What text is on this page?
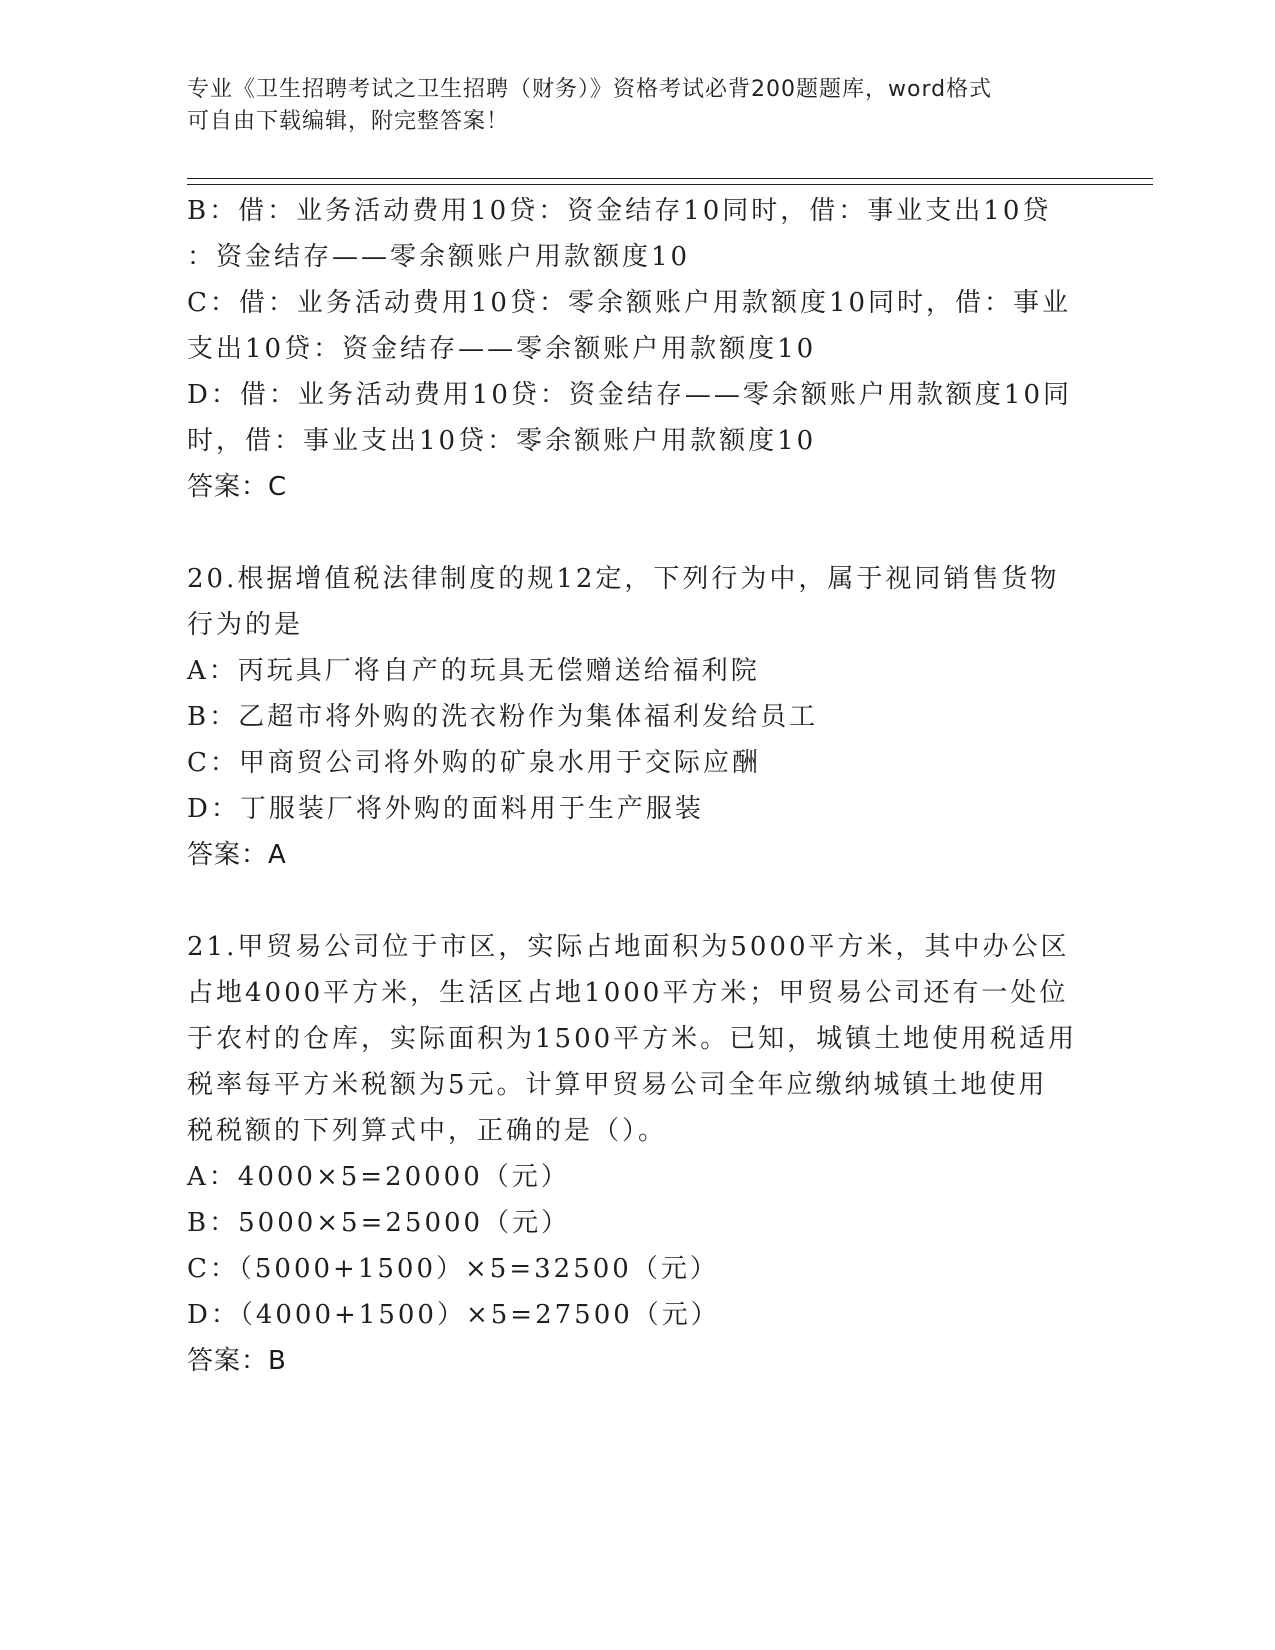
专业《卫生招聘考试之卫生招聘（财务）》资格考试必背200题题库，word格式
可自由下载编辑，附完整答案！
B：借：业务活动费用10贷：资金结存10同时，借：事业支出10贷
：资金结存——零余额账户用款额度10
C：借：业务活动费用10贷：零余额账户用款额度10同时，借：事业
支出10贷：资金结存——零余额账户用款额度10
D：借：业务活动费用10贷：资金结存——零余额账户用款额度10同
时，借：事业支出10贷：零余额账户用款额度10
答案：C
20.根据增值税法律制度的规12定，下列行为中，属于视同销售货物
行为的是
A：丙玩具厂将自产的玩具无偿赠送给福利院
B：乙超市将外购的洗衣粉作为集体福利发给员工
C：甲商贸公司将外购的矿泉水用于交际应酬
D：丁服装厂将外购的面料用于生产服装
答案：A
21.甲贸易公司位于市区，实际占地面积为5000平方米，其中办公区
占地4000平方米，生活区占地1000平方米；甲贸易公司还有一处位
于农村的仓库，实际面积为1500平方米。已知，城镇土地使用税适用
税率每平方米税额为5元。计算甲贸易公司全年应缴纳城镇土地使用
税税额的下列算式中，正确的是（）。
A：4000×5=20000（元）
B：5000×5=25000（元）
C：（5000+1500）×5=32500（元）
D：（4000+1500）×5=27500（元）
答案：B
